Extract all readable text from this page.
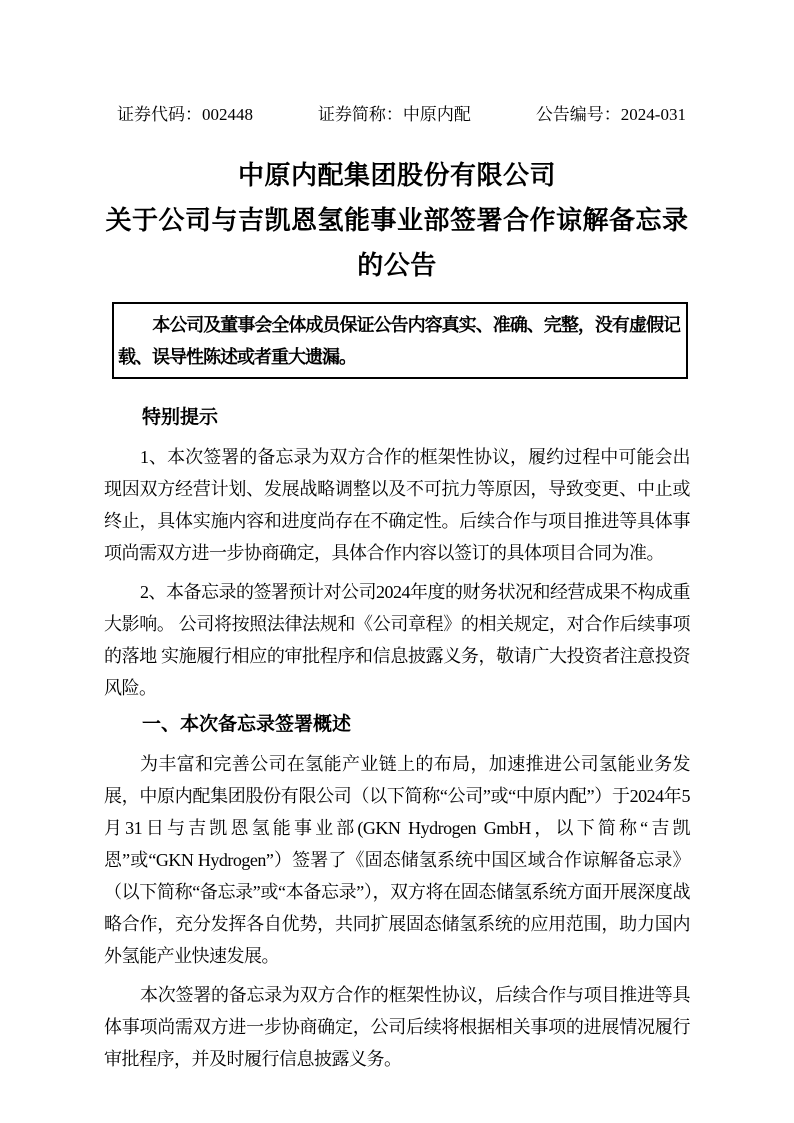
证券代码：002448	证券简称：中原内配	公告编号：2024-031
中原内配集团股份有限公司
关于公司与吉凯恩氢能事业部签署合作谅解备忘录
的公告

本公司及董事会全体成员保证公告内容真实、准确、完整，没有虚假记载、误导性陈述或者重大遗漏。

特别提示

1、本次签署的备忘录为双方合作的框架性协议，履约过程中可能会出现因双方经营计划、发展战略调整以及不可抗力等原因，导致变更、中止或终止，具体实施内容和进度尚存在不确定性。后续合作与项目推进等具体事项尚需双方进一步协商确定，具体合作内容以签订的具体项目合同为准。

2、本备忘录的签署预计对公司2024年度的财务状况和经营成果不构成重大影响。 公司将按照法律法规和《公司章程》的相关规定，对合作后续事项的落地 实施履行相应的审批程序和信息披露义务，敬请广大投资者注意投资风险。

一、本次备忘录签署概述

为丰富和完善公司在氢能产业链上的布局，加速推进公司氢能业务发展，中原内配集团股份有限公司（以下简称“公司”或“中原内配”）于2024年5月31日与吉凯恩氢能事业部(GKN Hydrogen GmbH，以下简称“吉凯恩”或“GKN Hydrogen”）签署了《固态储氢系统中国区域合作谅解备忘录》（以下简称“备忘录”或“本备忘录”），双方将在固态储氢系统方面开展深度战略合作，充分发挥各自优势，共同扩展固态储氢系统的应用范围，助力国内外氢能产业快速发展。

本次签署的备忘录为双方合作的框架性协议，后续合作与项目推进等具体事项尚需双方进一步协商确定，公司后续将根据相关事项的进展情况履行审批程序，并及时履行信息披露义务。
